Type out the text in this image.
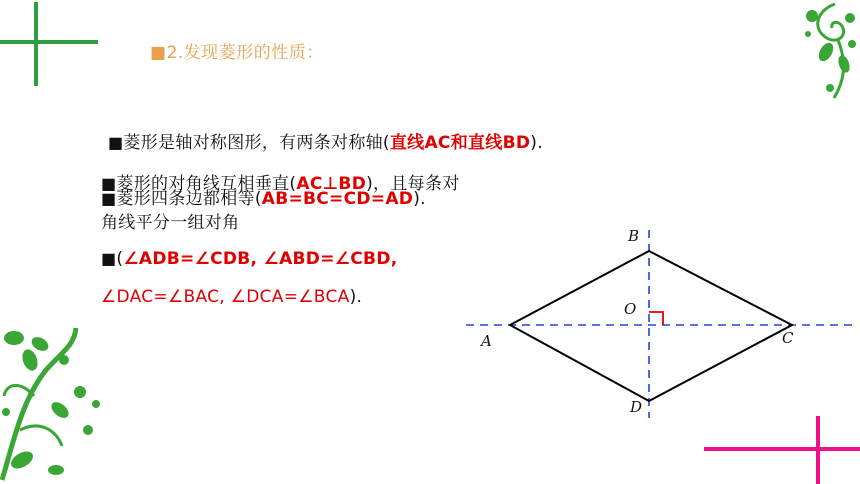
■2.发现菱形的性质：
■菱形是轴对称图形，有两条对称轴(直线AC和直线BD).
■菱形四条边都相等(AB=BC=CD=AD).
■菱形的对角线互相垂直(AC⊥BD)，且每条对
角线平分一组对角
■(∠ADB=∠CDB, ∠ABD=∠CBD,
∠DAC=∠BAC, ∠DCA=∠BCA).
B
O
A	C
D
